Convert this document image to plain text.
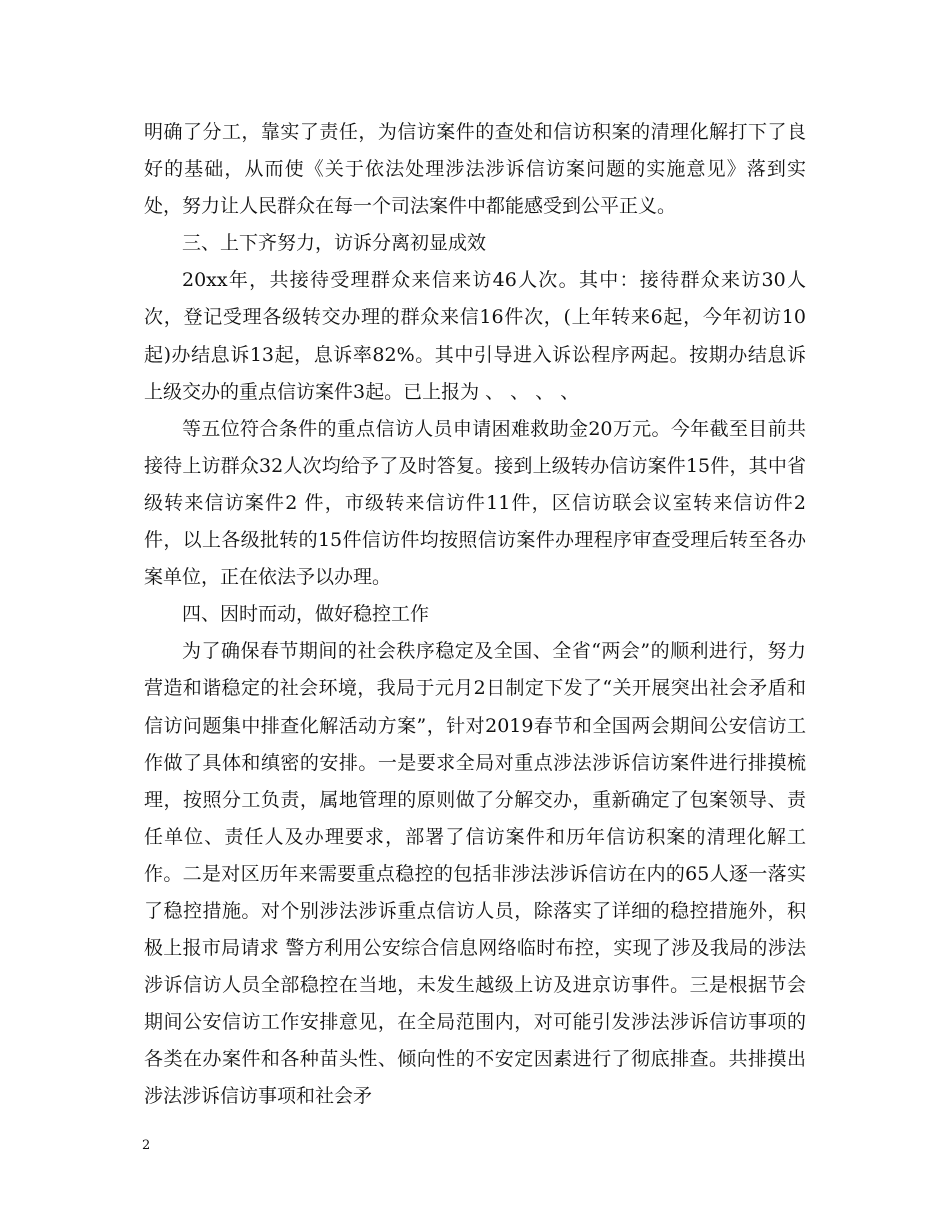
明确了分工，靠实了责任，为信访案件的查处和信访积案的清理化解打下了良好的基础，从而使《关于依法处理涉法涉诉信访案问题的实施意见》落到实处，努力让人民群众在每一个司法案件中都能感受到公平正义。

三、上下齐努力，访诉分离初显成效

20xx年，共接待受理群众来信来访46人次。其中：接待群众来访30人次，登记受理各级转交办理的群众来信16件次，(上年转来6起，今年初访10起)办结息诉13起，息诉率82%。其中引导进入诉讼程序两起。按期办结息诉上级交办的重点信访案件3起。已上报为 、 、 、 、

等五位符合条件的重点信访人员申请困难救助金20万元。今年截至目前共接待上访群众32人次均给予了及时答复。接到上级转办信访案件15件，其中省级转来信访案件2 件，市级转来信访件11件，区信访联会议室转来信访件2件，以上各级批转的15件信访件均按照信访案件办理程序审查受理后转至各办案单位，正在依法予以办理。

四、因时而动，做好稳控工作

为了确保春节期间的社会秩序稳定及全国、全省“两会”的顺利进行，努力营造和谐稳定的社会环境，我局于元月2日制定下发了“关开展突出社会矛盾和信访问题集中排查化解活动方案”，针对2019春节和全国两会期间公安信访工作做了具体和缜密的安排。一是要求全局对重点涉法涉诉信访案件进行排摸梳理，按照分工负责，属地管理的原则做了分解交办，重新确定了包案领导、责任单位、责任人及办理要求，部署了信访案件和历年信访积案的清理化解工作。二是对区历年来需要重点稳控的包括非涉法涉诉信访在内的65人逐一落实了稳控措施。对个别涉法涉诉重点信访人员，除落实了详细的稳控措施外，积极上报市局请求 警方利用公安综合信息网络临时布控，实现了涉及我局的涉法涉诉信访人员全部稳控在当地，未发生越级上访及进京访事件。三是根据节会期间公安信访工作安排意见，在全局范围内，对可能引发涉法涉诉信访事项的各类在办案件和各种苗头性、倾向性的不安定因素进行了彻底排查。共排摸出涉法涉诉信访事项和社会矛

2
